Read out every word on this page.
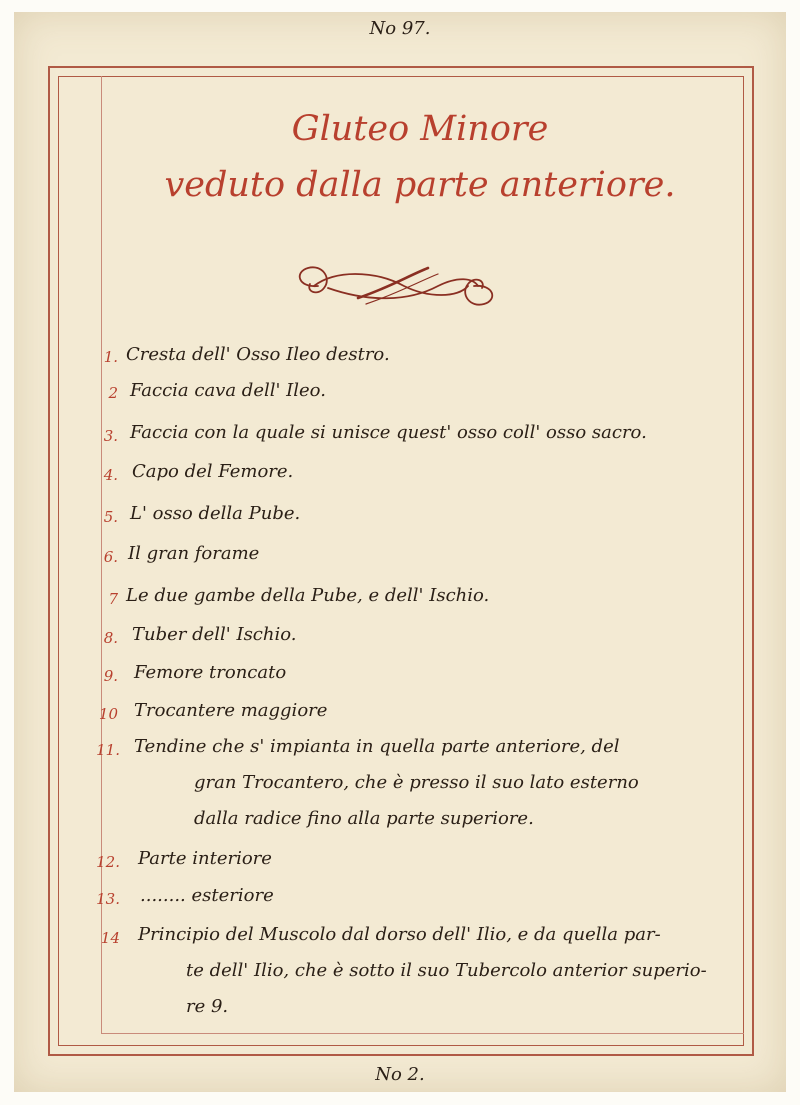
No 97.
Gluteo Minore
veduto dalla parte anteriore.
1. Cresta dell' Osso Ileo destro.
2 Faccia cava dell' Ileo.
3. Faccia con la quale si unisce quest' osso coll' osso sacro.
4. Capo del Femore.
5. L' osso della Pube.
6. Il gran forame
7 Le due gambe della Pube, e dell' Ischio.
8. Tuber dell' Ischio.
9. Femore troncato
10 Trocantere maggiore
11. Tendine che s' impianta in quella parte anteriore, del
gran Trocantero, che è presso il suo lato esterno
dalla radice fino alla parte superiore.
12. Parte interiore
13. ........ esteriore
14 Principio del Muscolo dal dorso dell' Ilio, e da quella par-
te dell' Ilio, che è sotto il suo Tubercolo anterior superio-
re 9.
No 2.
